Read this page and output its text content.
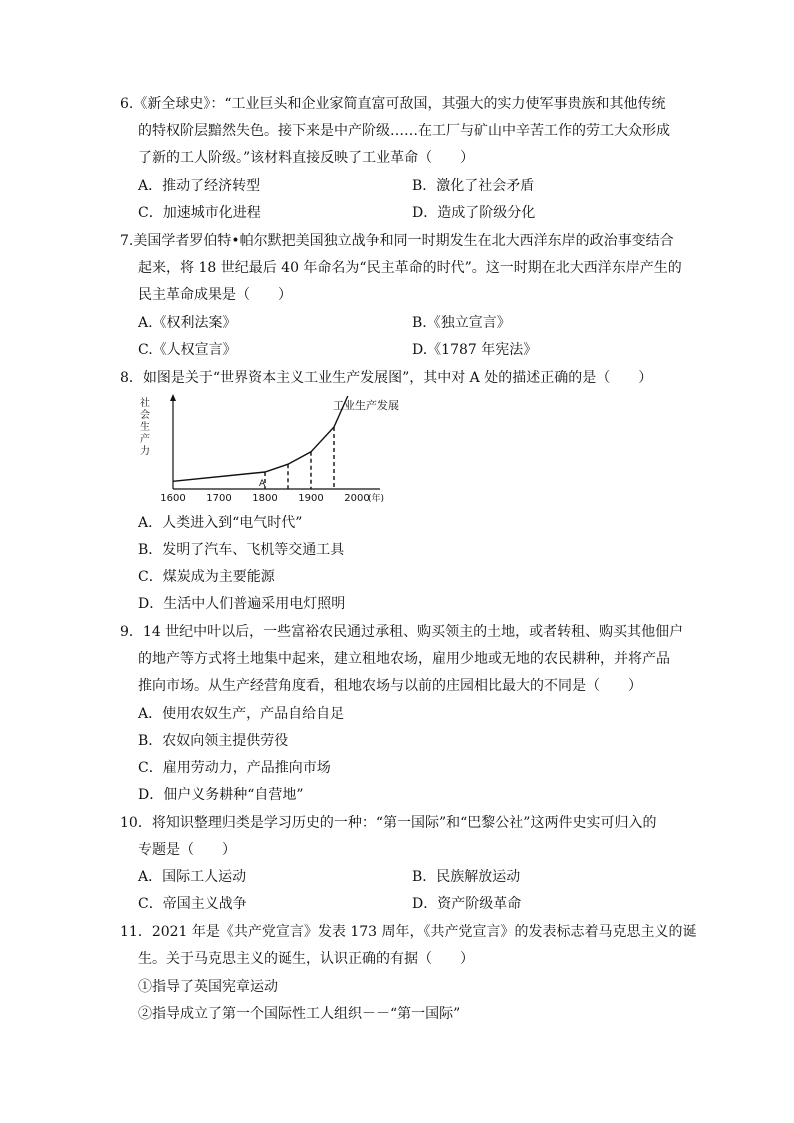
6.《新全球史》：“工业巨头和企业家简直富可敌国，其强大的实力使军事贵族和其他传统
的特权阶层黯然失色。接下来是中产阶级……在工厂与矿山中辛苦工作的劳工大众形成
了新的工人阶级。”该材料直接反映了工业革命（　　）
A．推动了经济转型	B．激化了社会矛盾
C．加速城市化进程	D．造成了阶级分化
7.美国学者罗伯特•帕尔默把美国独立战争和同一时期发生在北大西洋东岸的政治事变结合
起来，将 18 世纪最后 40 年命名为“民主革命的时代”。这一时期在北大西洋东岸产生的
民主革命成果是（　　）
A.《权利法案》	B.《独立宣言》
C.《人权宣言》	D.《1787 年宪法》
8．如图是关于“世界资本主义工业生产发展图”，其中对 A 处的描述正确的是（　　）
社
会
生
产
力
1600 1700 1800 1900 2000
(年)
工业生产发展
A
A．人类进入到“电气时代”
B．发明了汽车、飞机等交通工具
C．煤炭成为主要能源
D．生活中人们普遍采用电灯照明
9．14 世纪中叶以后，一些富裕农民通过承租、购买领主的土地，或者转租、购买其他佃户
的地产等方式将土地集中起来，建立租地农场，雇用少地或无地的农民耕种，并将产品
推向市场。从生产经营角度看，租地农场与以前的庄园相比最大的不同是（　　）
A．使用农奴生产，产品自给自足
B．农奴向领主提供劳役
C．雇用劳动力，产品推向市场
D．佃户义务耕种“自营地”
10．将知识整理归类是学习历史的一种：“第一国际”和“巴黎公社”这两件史实可归入的
专题是（　　）
A．国际工人运动	B．民族解放运动
C．帝国主义战争	D．资产阶级革命
11．2021 年是《共产党宣言》发表 173 周年，《共产党宣言》的发表标志着马克思主义的诞
生。关于马克思主义的诞生，认识正确的有据（　　）
①指导了英国宪章运动
②指导成立了第一个国际性工人组织－－“第一国际”
